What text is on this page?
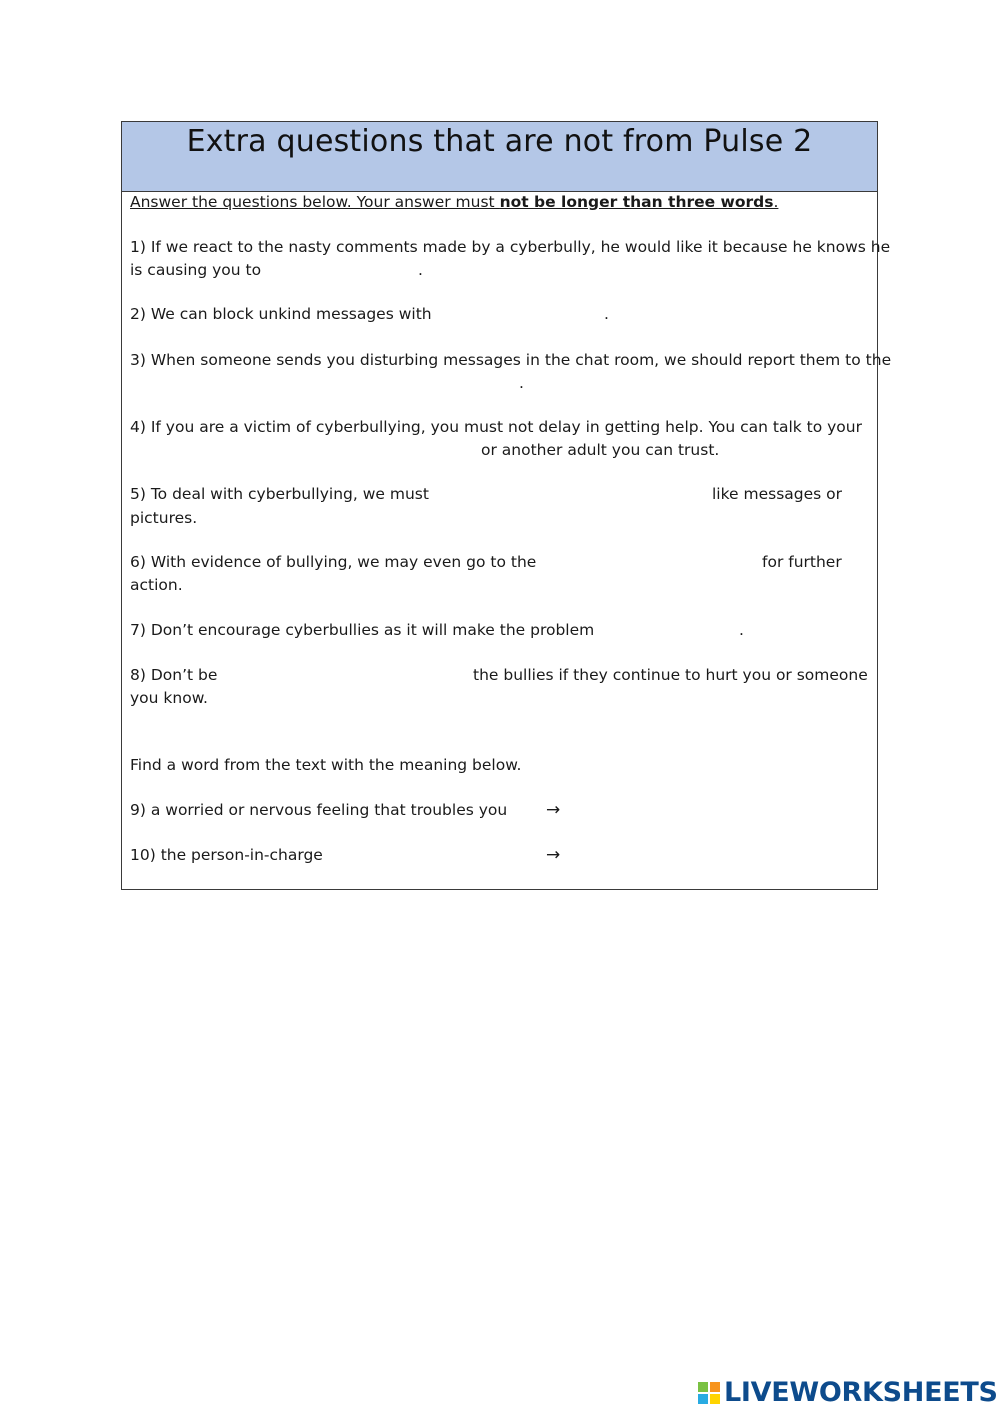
Extra questions that are not from Pulse 2
Answer the questions below. Your answer must not be longer than three words.
1) If we react to the nasty comments made by a cyberbully, he would like it because he knows he
is causing you to	.
2) We can block unkind messages with	.
3) When someone sends you disturbing messages in the chat room, we should report them to the
.
4) If you are a victim of cyberbullying, you must not delay in getting help. You can talk to your
or another adult you can trust.
5) To deal with cyberbullying, we must	like messages or
pictures.
6) With evidence of bullying, we may even go to the	for further
action.
7) Don’t encourage cyberbullies as it will make the problem	.
8) Don’t be	the bullies if they continue to hurt you or someone
you know.
Find a word from the text with the meaning below.
9) a worried or nervous feeling that troubles you →
10) the person-in-charge	→
LIVEWORKSHEETS
